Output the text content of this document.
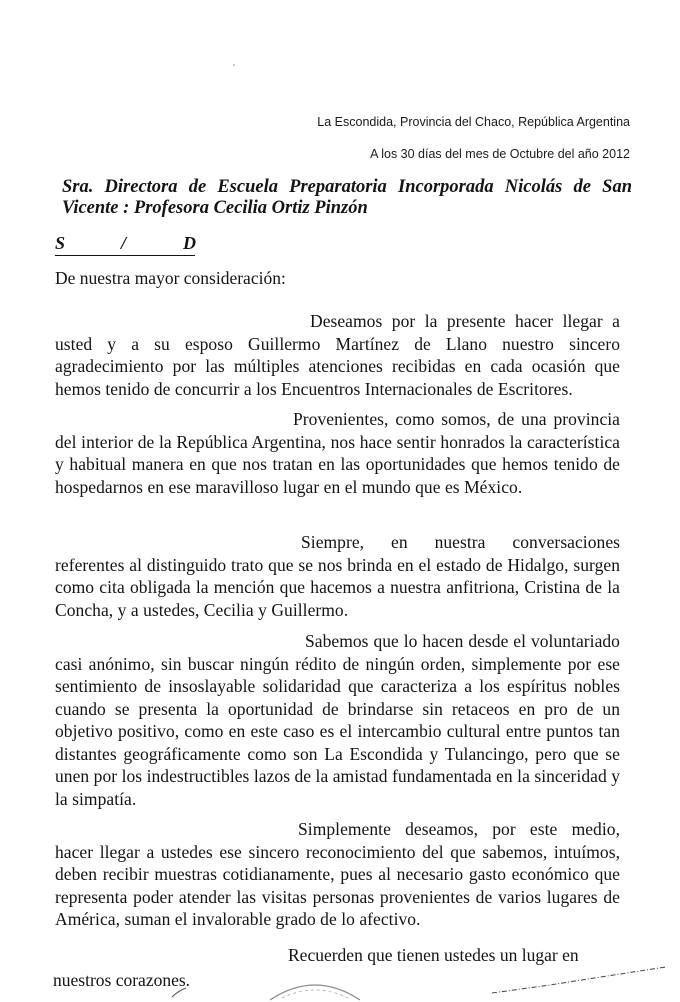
La Escondida, Provincia del Chaco, República Argentina
A los 30 días del mes de Octubre del año 2012
Sra. Directora de Escuela Preparatoria Incorporada Nicolás de San Vicente : Profesora Cecilia Ortiz Pinzón
S	/	D
De nuestra mayor consideración:
Deseamos por la presente hacer llegar a usted y a su esposo Guillermo Martínez de Llano nuestro sincero agradecimiento por las múltiples atenciones recibidas en cada ocasión que hemos tenido de concurrir a los Encuentros Internacionales de Escritores.
Provenientes, como somos, de una provincia del interior de la República Argentina, nos hace sentir honrados la característica y habitual manera en que nos tratan en las oportunidades que hemos tenido de hospedarnos en ese maravilloso lugar en el mundo que es México.
Siempre, en nuestra conversaciones referentes al distinguido trato que se nos brinda en el estado de Hidalgo, surgen como cita obligada la mención que hacemos a nuestra anfitriona, Cristina de la Concha, y a ustedes, Cecilia y Guillermo.
Sabemos que lo hacen desde el voluntariado casi anónimo, sin buscar ningún rédito de ningún orden, simplemente por ese sentimiento de insoslayable solidaridad que caracteriza a los espíritus nobles cuando se presenta la oportunidad de brindarse sin retaceos en pro de un objetivo positivo, como en este caso es el intercambio cultural entre puntos tan distantes geográficamente como son La Escondida y Tulancingo, pero que se unen por los indestructibles lazos de la amistad fundamentada en la sinceridad y la simpatía.
Simplemente deseamos, por este medio, hacer llegar a ustedes ese sincero reconocimiento del que sabemos, intuímos, deben recibir muestras cotidianamente, pues al necesario gasto económico que representa poder atender las visitas personas provenientes de varios lugares de América, suman el invalorable grado de lo afectivo.
Recuerden que tienen ustedes un lugar en
nuestros corazones.
